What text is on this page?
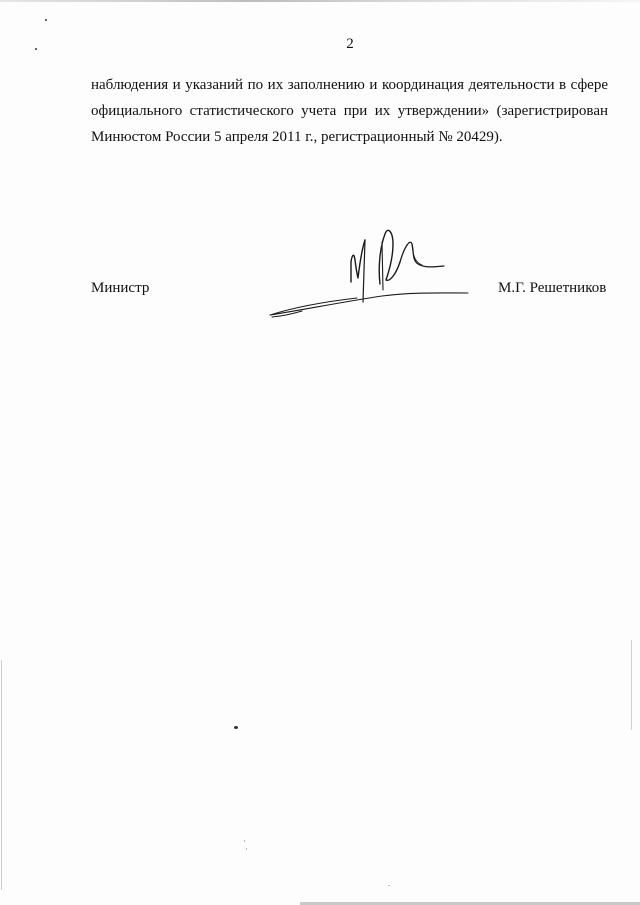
2
наблюдения и указаний по их заполнению и координация деятельности в сфере
официального статистического учета при их утверждении» (зарегистрирован
Минюстом России 5 апреля 2011 г., регистрационный № 20429).
Министр	М.Г. Решетников
